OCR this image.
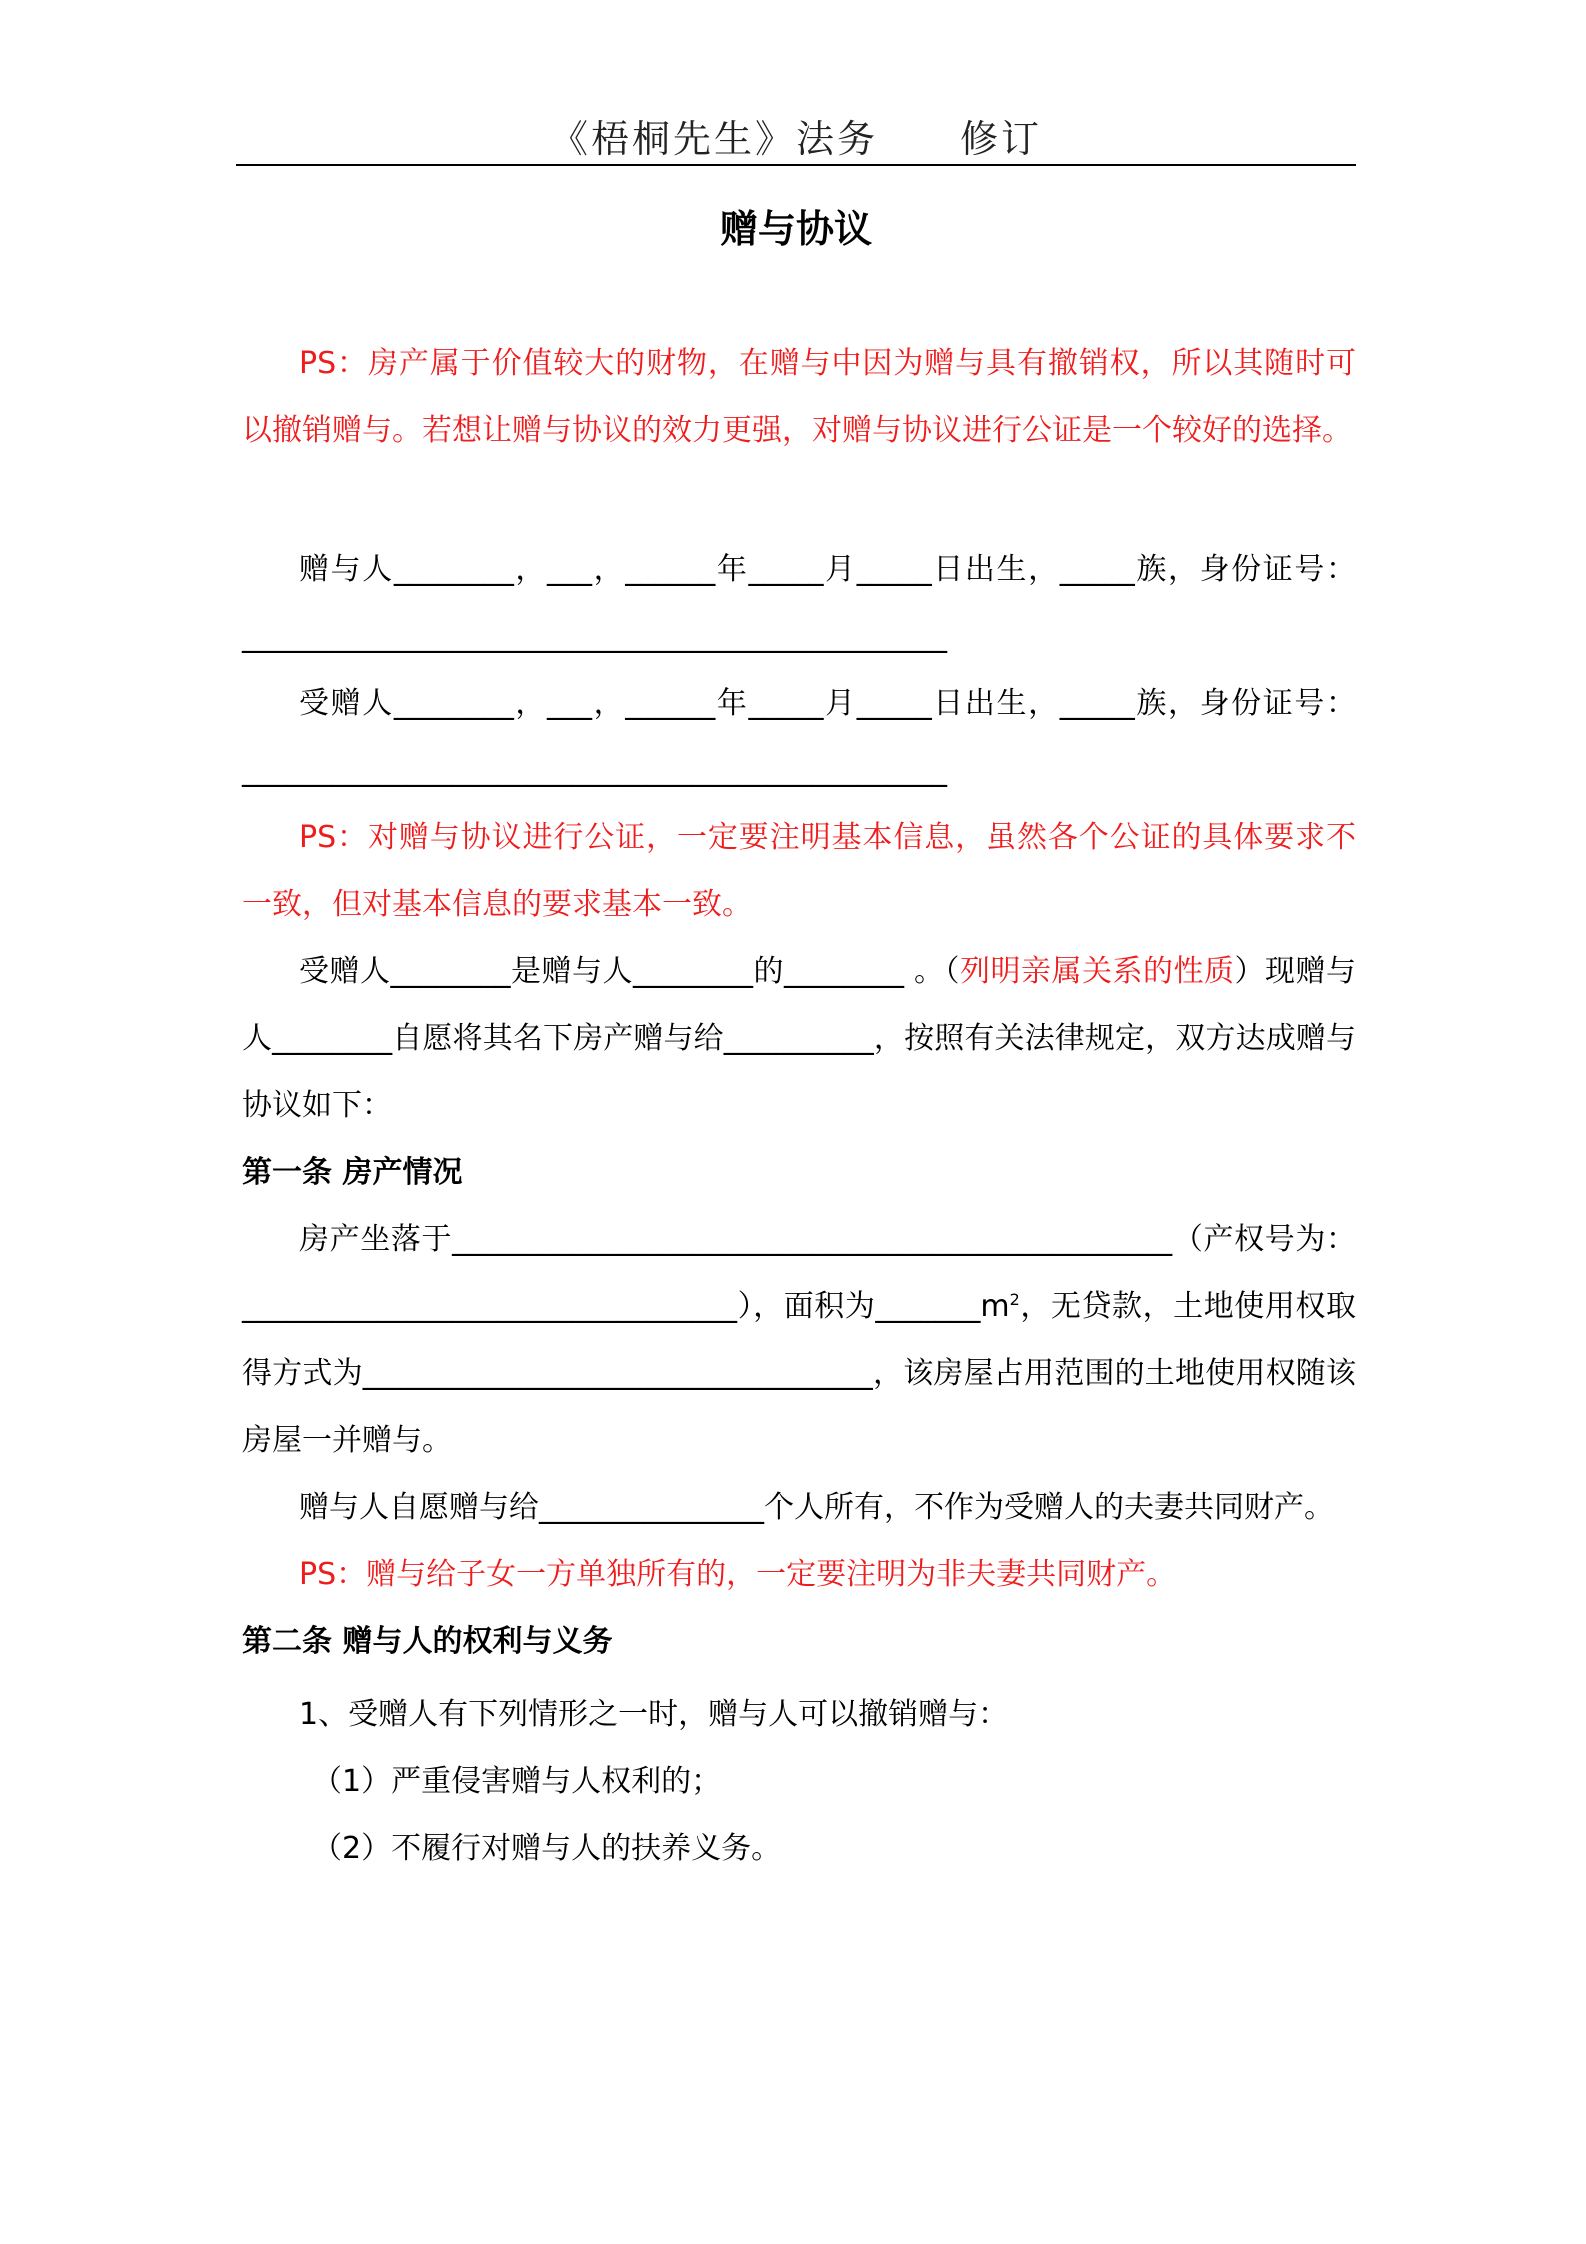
《梧桐先生》法务　　修订
赠与协议

PS：房产属于价值较大的财物，在赠与中因为赠与具有撤销权，所以其随时可以撤销赠与。若想让赠与协议的效力更强，对赠与协议进行公证是一个较好的选择。

赠与人________，___，______年_____月_____日出生，_____族，身份证号：_______________________________________________

受赠人________，___，______年_____月_____日出生，_____族，身份证号：_______________________________________________

PS：对赠与协议进行公证，一定要注明基本信息，虽然各个公证的具体要求不一致，但对基本信息的要求基本一致。

受赠人________是赠与人________的________ 。（列明亲属关系的性质）现赠与人________自愿将其名下房产赠与给__________，按照有关法律规定，双方达成赠与协议如下：

第一条 房产情况

房产坐落于________________________________________________（产权号为：_________________________________），面积为$\_\_\_\_\_\_\_m^2$，无贷款，土地使用权取得方式为__________________________________，该房屋占用范围的土地使用权随该房屋一并赠与。

赠与人自愿赠与给_______________个人所有，不作为受赠人的夫妻共同财产。

PS：赠与给子女一方单独所有的，一定要注明为非夫妻共同财产。

第二条 赠与人的权利与义务

1、受赠人有下列情形之一时，赠与人可以撤销赠与：

（1）严重侵害赠与人权利的；

（2）不履行对赠与人的扶养义务。
